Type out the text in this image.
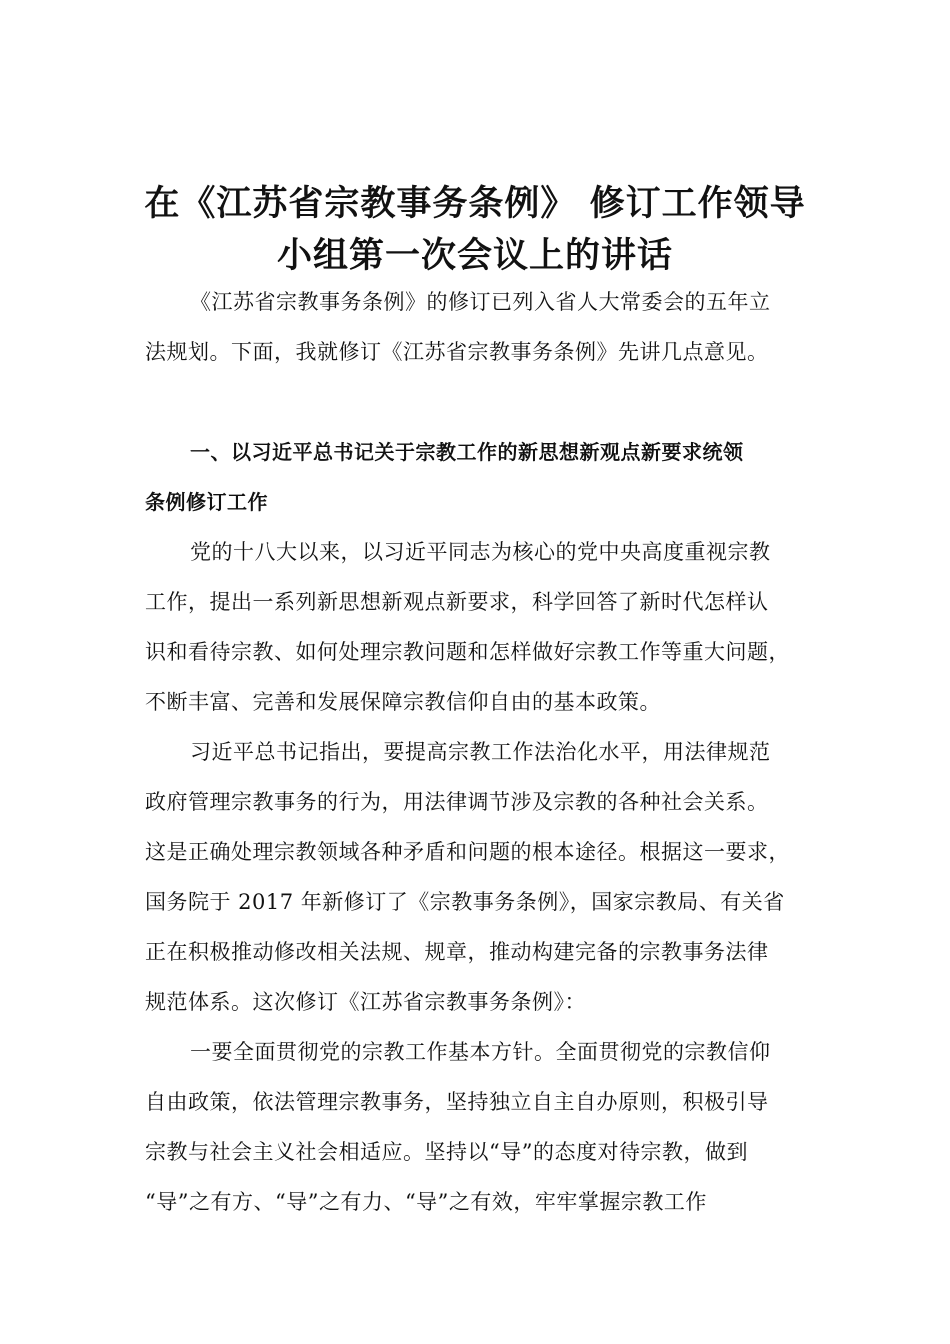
在《江苏省宗教事务条例》 修订工作领导
小组第一次会议上的讲话
《江苏省宗教事务条例》的修订已列入省人大常委会的五年立
法规划。下面，我就修订《江苏省宗教事务条例》先讲几点意见。
一、以习近平总书记关于宗教工作的新思想新观点新要求统领
条例修订工作
党的十八大以来，以习近平同志为核心的党中央高度重视宗教
工作，提出一系列新思想新观点新要求，科学回答了新时代怎样认
识和看待宗教、如何处理宗教问题和怎样做好宗教工作等重大问题，
不断丰富、完善和发展保障宗教信仰自由的基本政策。
习近平总书记指出，要提高宗教工作法治化水平，用法律规范
政府管理宗教事务的行为，用法律调节涉及宗教的各种社会关系。
这是正确处理宗教领域各种矛盾和问题的根本途径。根据这一要求，
国务院于 2017 年新修订了《宗教事务条例》，国家宗教局、有关省
正在积极推动修改相关法规、规章，推动构建完备的宗教事务法律
规范体系。这次修订《江苏省宗教事务条例》：
一要全面贯彻党的宗教工作基本方针。全面贯彻党的宗教信仰
自由政策，依法管理宗教事务，坚持独立自主自办原则，积极引导
宗教与社会主义社会相适应。坚持以“导”的态度对待宗教，做到
“导”之有方、“导”之有力、“导”之有效，牢牢掌握宗教工作
